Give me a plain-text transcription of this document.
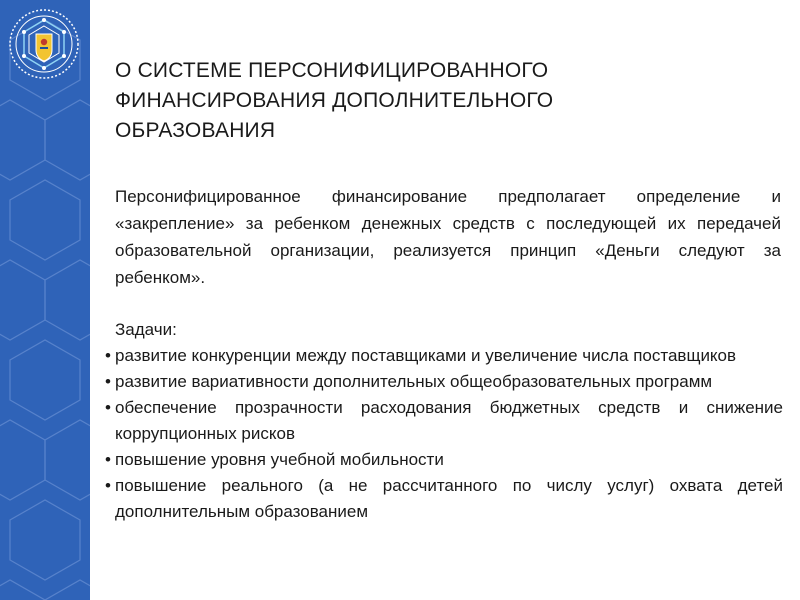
О СИСТЕМЕ ПЕРСОНИФИЦИРОВАННОГО ФИНАНСИРОВАНИЯ ДОПОЛНИТЕЛЬНОГО ОБРАЗОВАНИЯ
Персонифицированное финансирование предполагает определение и «закрепление» за ребенком денежных средств с последующей их передачей образовательной организации, реализуется принцип «Деньги следуют за ребенком».
Задачи:
• развитие конкуренции между поставщиками и увеличение числа поставщиков
• развитие вариативности дополнительных общеобразовательных программ
• обеспечение прозрачности расходования бюджетных средств и снижение коррупционных рисков
• повышение уровня учебной мобильности
• повышение реального (а не рассчитанного по числу услуг) охвата детей дополнительным образованием
